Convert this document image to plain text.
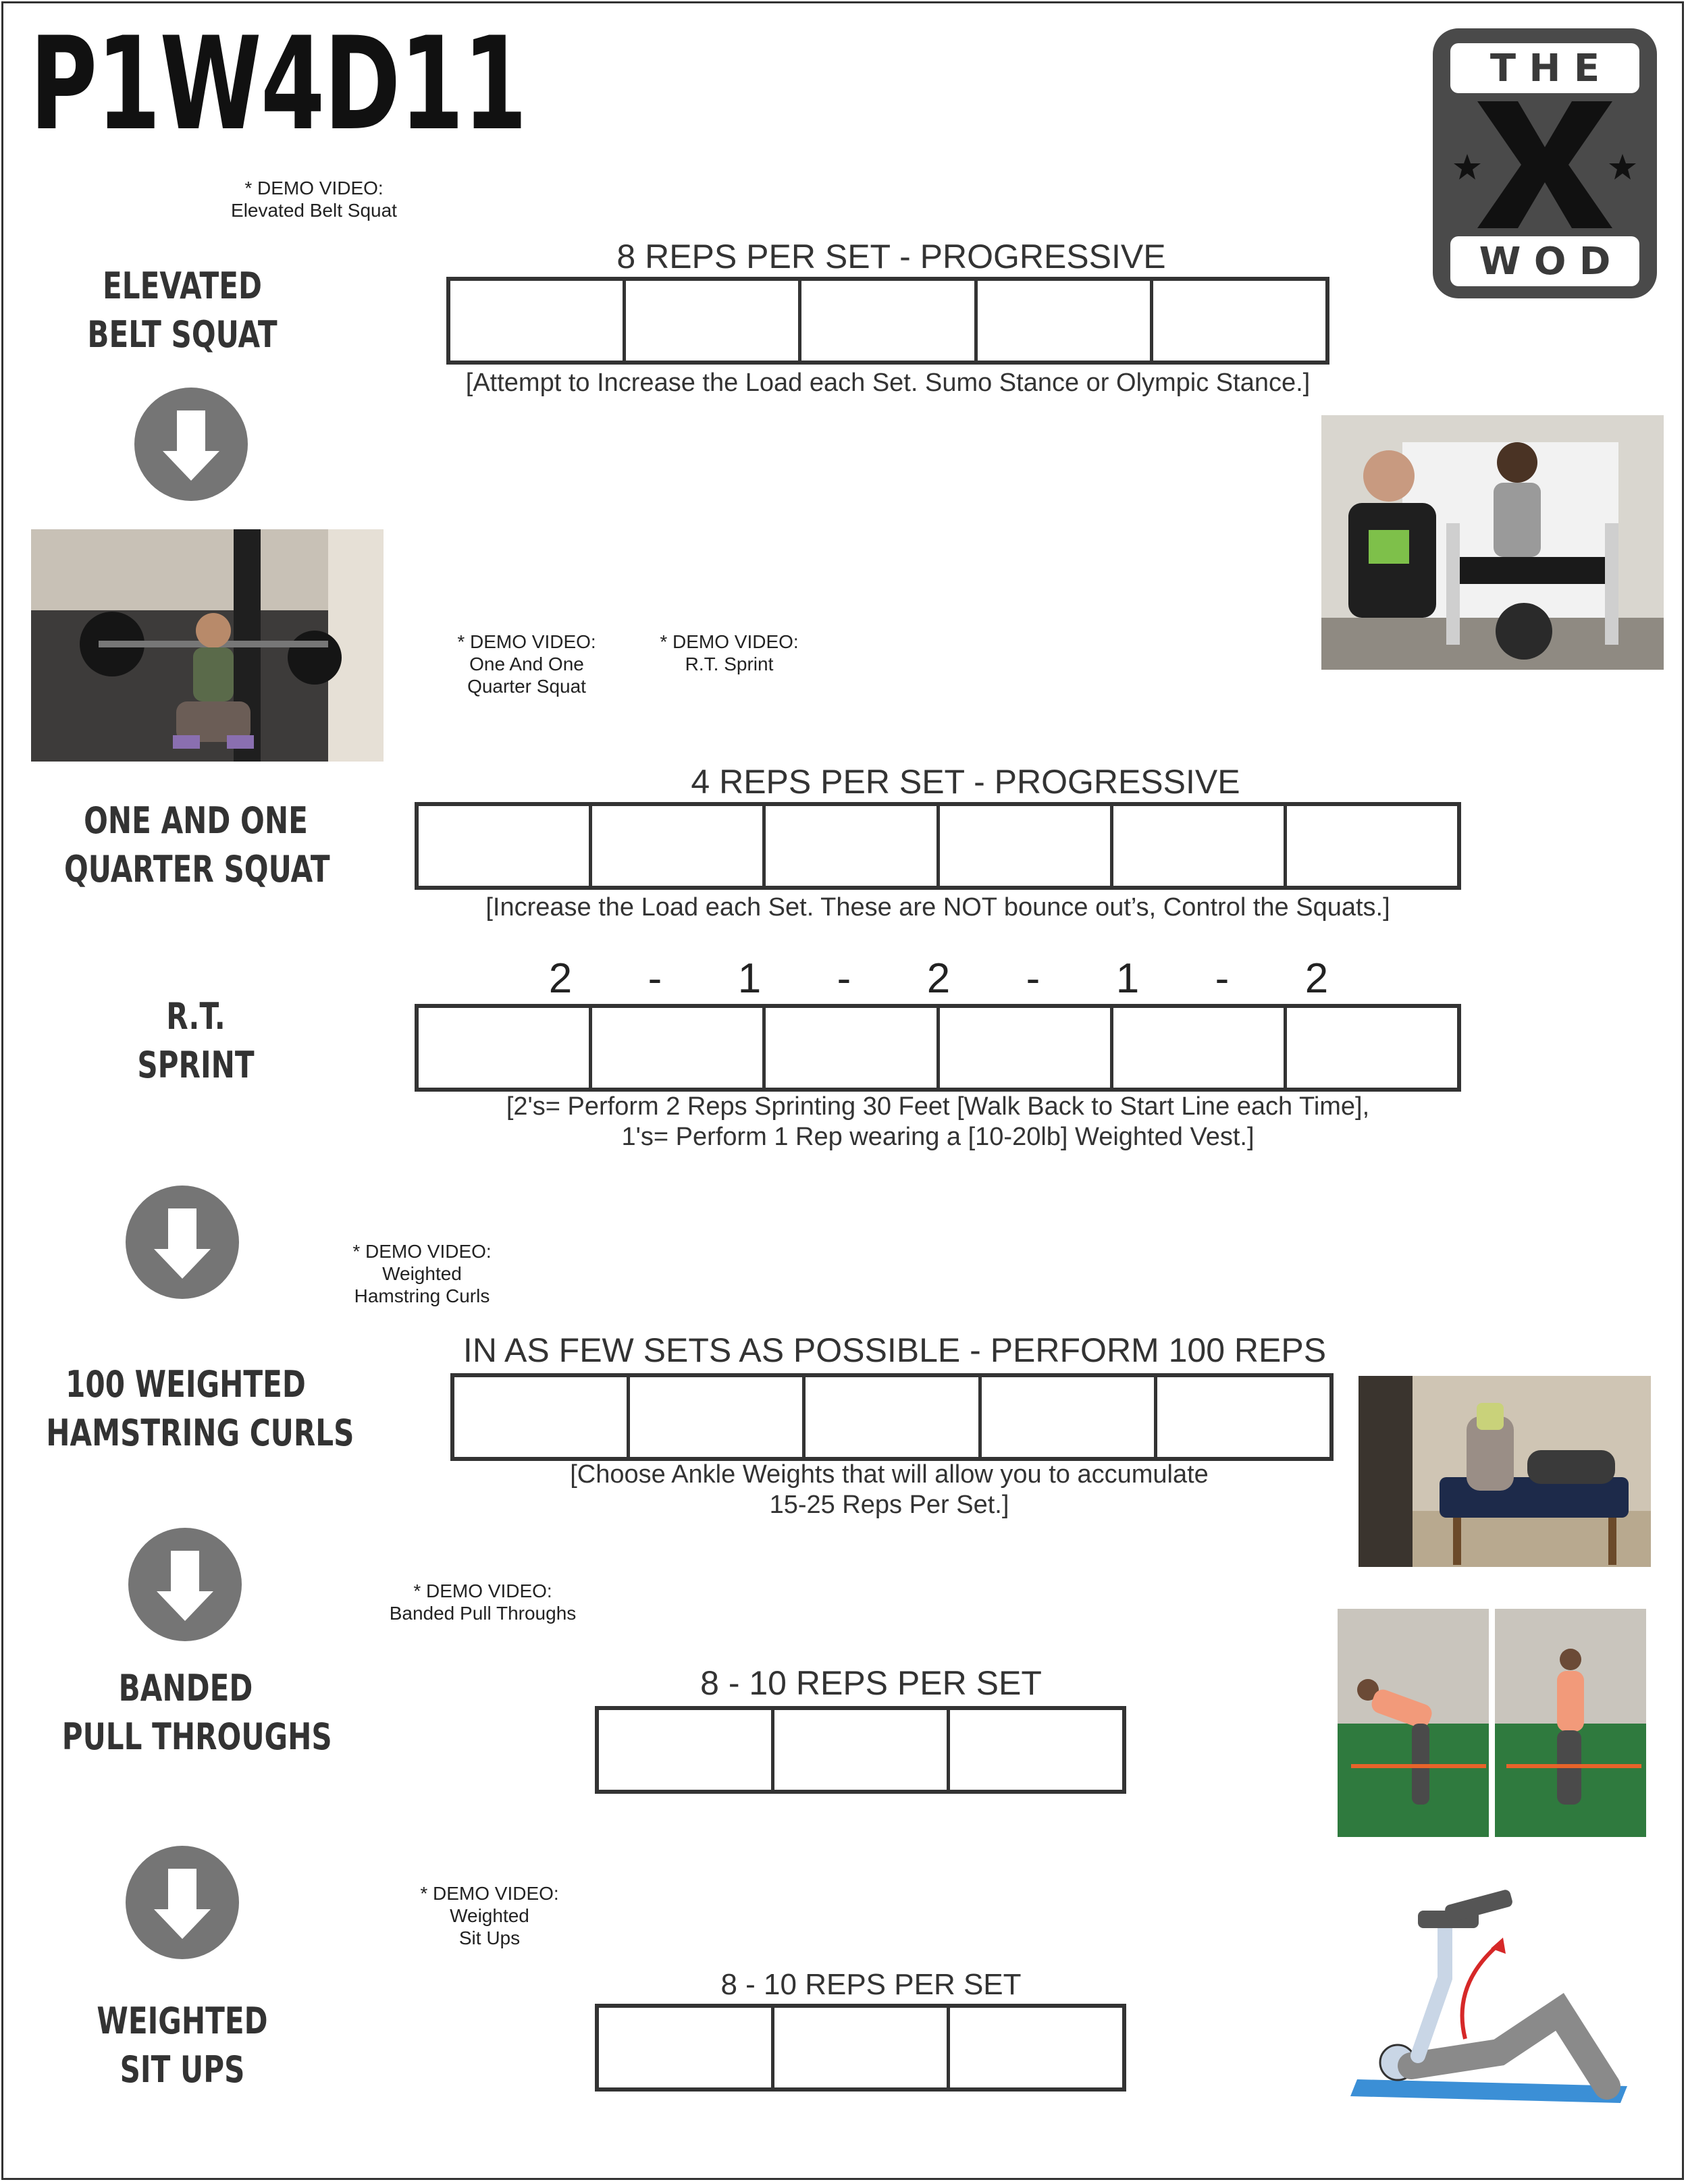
P1W4D11	T H E
W O D
* DEMO VIDEO:
Elevated Belt Squat
ELEVATED
BELT SQUAT
8 REPS PER SET - PROGRESSIVE
[Attempt to Increase the Load each Set. Sumo Stance or Olympic Stance.]
* DEMO VIDEO:
One And One
Quarter Squat
* DEMO VIDEO:
R.T. Sprint
ONE AND ONE
QUARTER SQUAT
4 REPS PER SET - PROGRESSIVE
[Increase the Load each Set. These are NOT bounce out’s, Control the Squats.]
R.T.
SPRINT
2	-	1	-	2	-	1	-	2
[2's= Perform 2 Reps Sprinting 30 Feet [Walk Back to Start Line each Time],
1's= Perform 1 Rep wearing a [10-20lb] Weighted Vest.]
* DEMO VIDEO:
Weighted
Hamstring Curls
100 WEIGHTED
HAMSTRING CURLS
IN AS FEW SETS AS POSSIBLE - PERFORM 100 REPS
[Choose Ankle Weights that will allow you to accumulate
15-25 Reps Per Set.]
* DEMO VIDEO:
Banded Pull Throughs
BANDED
PULL THROUGHS
8 - 10 REPS PER SET
* DEMO VIDEO:
Weighted
Sit Ups
WEIGHTED
SIT UPS
8 - 10 REPS PER SET
